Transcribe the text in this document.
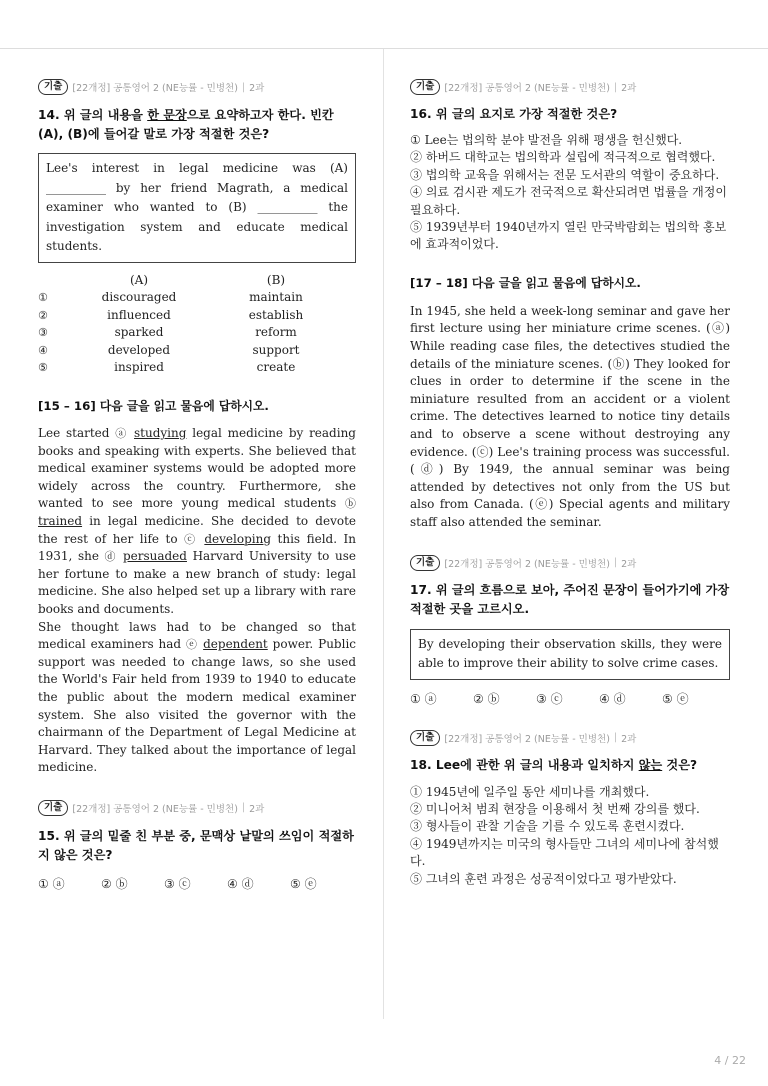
기출	[22개정] 공통영어 2 (NE능률 - 민병천) | 2과
14. 위 글의 내용을 한 문장으로 요약하고자 한다. 빈칸 (A), (B)에 들어갈 말로 가장 적절한 것은?
Lee's interest in legal medicine was (A) __________ by her friend Magrath, a medical examiner who wanted to (B) __________ the investigation system and educate medical students.
	(A)	(B)
①	discouraged	maintain
②	influenced	establish
③	sparked	reform
④	developed	support
⑤	inspired	create
[15 – 16] 다음 글을 읽고 물음에 답하시오.

Lee started ⓐ studying legal medicine by reading books and speaking with experts. She believed that medical examiner systems would be adopted more widely across the country. Furthermore, she wanted to see more young medical students ⓑ trained in legal medicine. She decided to devote the rest of her life to ⓒ developing this field. In 1931, she ⓓ persuaded Harvard University to use her fortune to make a new branch of study: legal medicine. She also helped set up a library with rare books and documents.

She thought laws had to be changed so that medical examiners had ⓔ dependent power. Public support was needed to change laws, so she used the World's Fair held from 1939 to 1940 to educate the public about the modern medical examiner system. She also visited the governor with the chairmann of the Department of Legal Medicine at Harvard. They talked about the importance of legal medicine.

기출	[22개정] 공통영어 2 (NE능률 - 민병천) | 2과
15. 위 글의 밑줄 친 부분 중, 문맥상 낱말의 쓰임이 적절하지 않은 것은?
① ⓐ	② ⓑ	③ ⓒ	④ ⓓ	⑤ ⓔ
기출	[22개정] 공통영어 2 (NE능률 - 민병천) | 2과
16. 위 글의 요지로 가장 적절한 것은?
① Lee는 법의학 분야 발전을 위해 평생을 헌신했다.
② 하버드 대학교는 법의학과 설립에 적극적으로 협력했다.
③ 법의학 교육을 위해서는 전문 도서관의 역할이 중요하다.
④ 의료 검시관 제도가 전국적으로 확산되려면 법률을 개정이 필요하다.
⑤ 1939년부터 1940년까지 열린 만국박람회는 법의학 홍보에 효과적이었다.
[17 – 18] 다음 글을 읽고 물음에 답하시오.
In 1945, she held a week-long seminar and gave her first lecture using her miniature crime scenes. (ⓐ) While reading case files, the detectives studied the details of the miniature scenes. (ⓑ) They looked for clues in order to determine if the scene in the miniature resulted from an accident or a violent crime. The detectives learned to notice tiny details and to observe a scene without destroying any evidence. (ⓒ) Lee's training process was successful. (ⓓ) By 1949, the annual seminar was being attended by detectives not only from the US but also from Canada. (ⓔ) Special agents and military staff also attended the seminar.
기출	[22개정] 공통영어 2 (NE능률 - 민병천) | 2과
17. 위 글의 흐름으로 보아, 주어진 문장이 들어가기에 가장 적절한 곳을 고르시오.
By developing their observation skills, they were able to improve their ability to solve crime cases.
① ⓐ	② ⓑ	③ ⓒ	④ ⓓ	⑤ ⓔ
기출	[22개정] 공통영어 2 (NE능률 - 민병천) | 2과
18. Lee에 관한 위 글의 내용과 일치하지 않는 것은?
① 1945년에 일주일 동안 세미나를 개최했다.
② 미니어처 범죄 현장을 이용해서 첫 번째 강의를 했다.
③ 형사들이 관찰 기술을 기를 수 있도록 훈련시켰다.
④ 1949년까지는 미국의 형사들만 그녀의 세미나에 참석했다.
⑤ 그녀의 훈련 과정은 성공적이었다고 평가받았다.
4 / 22
